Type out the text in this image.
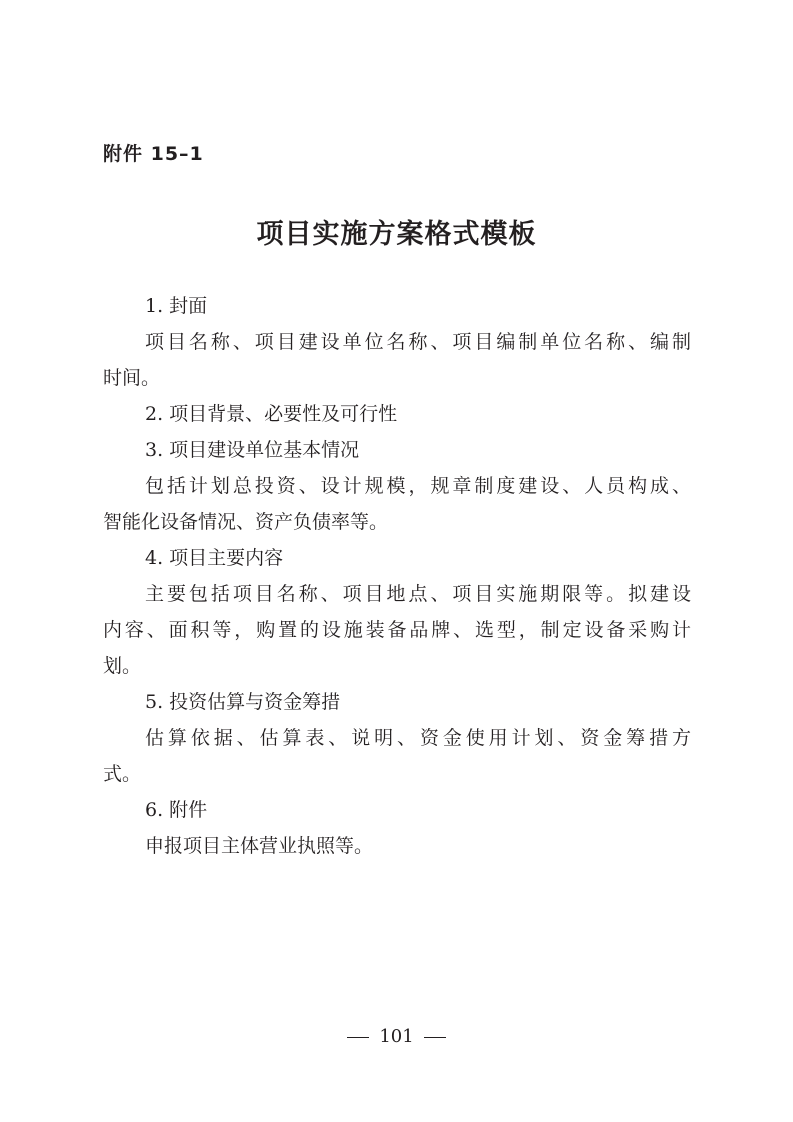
附件 15–1
项目实施方案格式模板
1. 封面
项目名称、项目建设单位名称、项目编制单位名称、编制
时间。
2. 项目背景、必要性及可行性
3. 项目建设单位基本情况
包括计划总投资、设计规模，规章制度建设、人员构成、
智能化设备情况、资产负债率等。
4. 项目主要内容
主要包括项目名称、项目地点、项目实施期限等。拟建设
内容、面积等，购置的设施装备品牌、选型，制定设备采购计
划。
5. 投资估算与资金筹措
估算依据、估算表、说明、资金使用计划、资金筹措方
式。
6. 附件
申报项目主体营业执照等。
101
